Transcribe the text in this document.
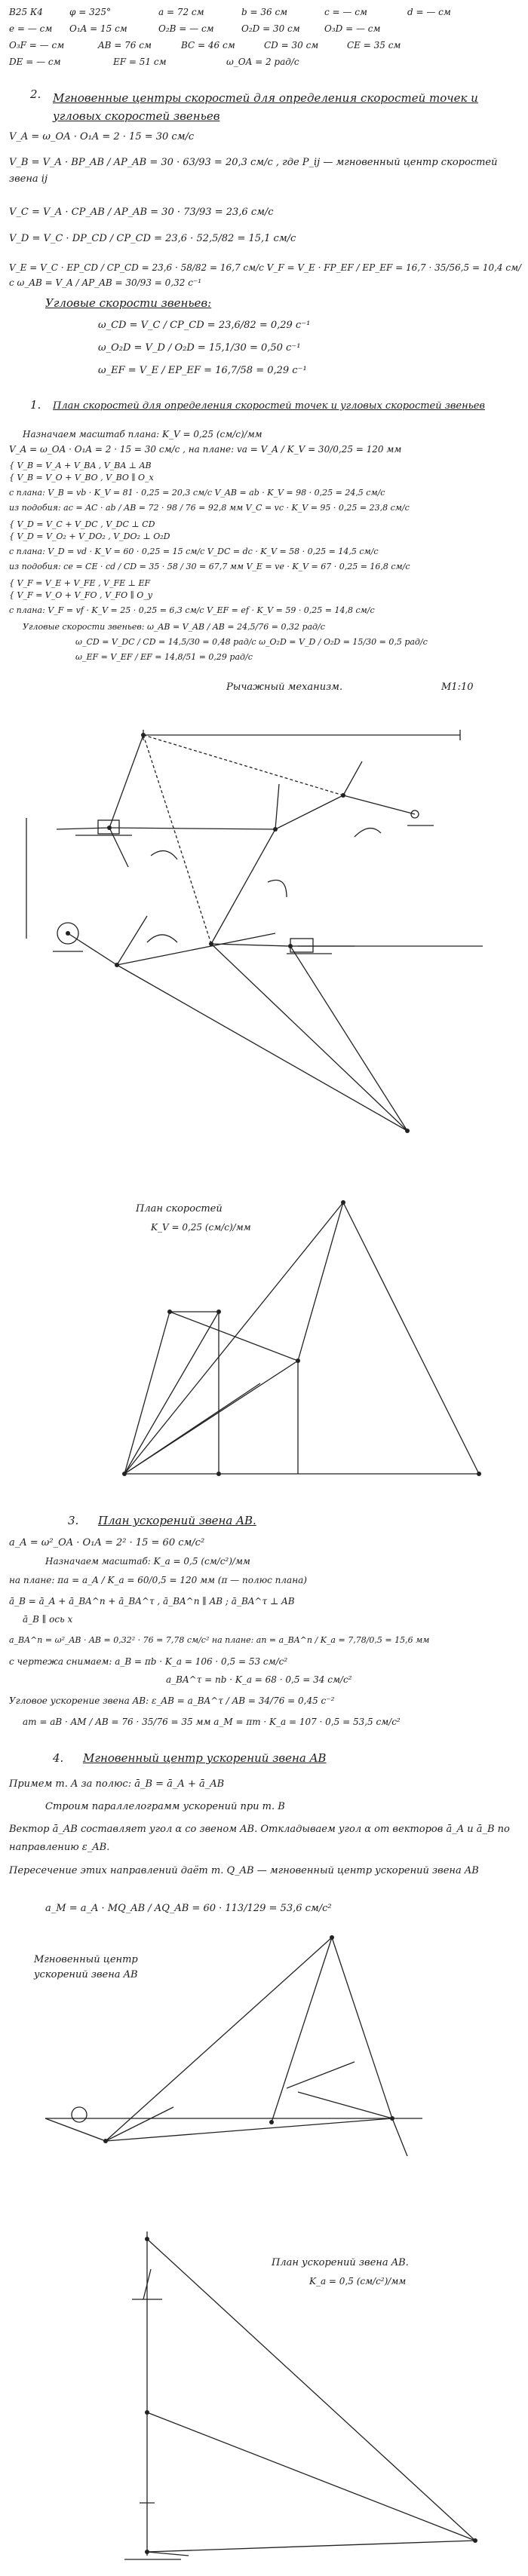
В25 К4	φ = 325°	a = 72 см	b = 36 см	c = — см	d = — см
e = — см O₁A = 15 см	O₂B = — см	O₂D = 30 см	O₃D = — см
O₃F = — см	AB = 76 см	BC = 46 см	CD = 30 см	CE = 35 см
DE = — см	EF = 51 см	ω_OA = 2 рад/с
2. Мгновенные центры скоростей для определения скоростей точек и угловых скоростей звеньев
V_A = ω_OA · O₁A = 2 · 15 = 30 см/с
V_B = V_A · BP_AB / AP_AB = 30 · 63/93 = 20,3 см/с , где P_ij — мгновенный центр скоростей звена ij
V_C = V_A · CP_AB / AP_AB = 30 · 73/93 = 23,6 см/с
V_D = V_C · DP_CD / CP_CD = 23,6 · 52,5/82 = 15,1 см/с
V_E = V_C · EP_CD / CP_CD = 23,6 · 58/82 = 16,7 см/с V_F = V_E · FP_EF / EP_EF = 16,7 · 35/56,5 = 10,4 см/с ω_AB = V_A / AP_AB = 30/93 = 0,32 с⁻¹
Угловые скорости звеньев:
ω_CD = V_C / CP_CD = 23,6/82 = 0,29 с⁻¹
ω_O₂D = V_D / O₂D = 15,1/30 = 0,50 с⁻¹
ω_EF = V_E / EP_EF = 16,7/58 = 0,29 с⁻¹
1. План скоростей для определения скоростей точек и угловых скоростей звеньев
Назначаем масштаб плана: K_V = 0,25 (см/с)/мм
V_A = ω_OA · O₁A = 2 · 15 = 30 см/с , на плане: va = V_A / K_V = 30/0,25 = 120 мм
{ V_B = V_A + V_BA , V_BA ⊥ AB
{ V_B = V_O + V_BO , V_BO ∥ O_x
с плана: V_B = vb · K_V = 81 · 0,25 = 20,3 см/с V_AB = ab · K_V = 98 · 0,25 = 24,5 см/с
из подобия: ac = AC · ab / AB = 72 · 98 / 76 = 92,8 мм V_C = vc · K_V = 95 · 0,25 = 23,8 см/с
{ V_D = V_C + V_DC , V_DC ⊥ CD
{ V_D = V_O₂ + V_DO₂ , V_DO₂ ⊥ O₂D
с плана: V_D = vd · K_V = 60 · 0,25 = 15 см/с V_DC = dc · K_V = 58 · 0,25 = 14,5 см/с
из подобия: ce = CE · cd / CD = 35 · 58 / 30 = 67,7 мм V_E = ve · K_V = 67 · 0,25 = 16,8 см/с
{ V_F = V_E + V_FE , V_FE ⊥ EF
{ V_F = V_O + V_FO , V_FO ∥ O_y
с плана: V_F = vf · K_V = 25 · 0,25 = 6,3 см/с V_EF = ef · K_V = 59 · 0,25 = 14,8 см/с
Угловые скорости звеньев: ω_AB = V_AB / AB = 24,5/76 = 0,32 рад/с
ω_CD = V_DC / CD = 14,5/30 = 0,48 рад/с ω_O₂D = V_D / O₂D = 15/30 = 0,5 рад/с
ω_EF = V_EF / EF = 14,8/51 = 0,29 рад/с
Рычажный механизм.	M1:10
План скоростей
K_V = 0,25 (см/с)/мм
3. План ускорений звена AB.
a_A = ω²_OA · O₁A = 2² · 15 = 60 см/с²
Назначаем масштаб: K_a = 0,5 (см/с²)/мм
на плане: πa = a_A / K_a = 60/0,5 = 120 мм (π — полюс плана)
ā_B = ā_A + ā_BA^n + ā_BA^τ , ā_BA^n ∥ AB ; ā_BA^τ ⊥ AB
ā_B ∥ ось x
a_BA^n = ω²_AB · AB = 0,32² · 76 = 7,78 см/с² на плане: an = a_BA^n / K_a = 7,78/0,5 = 15,6 мм
с чертежа снимаем: a_B = πb · K_a = 106 · 0,5 = 53 см/с²
a_BA^τ = nb · K_a = 68 · 0,5 = 34 см/с²
Угловое ускорение звена AB: ε_AB = a_BA^τ / AB = 34/76 = 0,45 с⁻²
am = aB · AM / AB = 76 · 35/76 = 35 мм a_M = πm · K_a = 107 · 0,5 = 53,5 см/с²
4. Мгновенный центр ускорений звена AB
Примем т. A за полюс: ā_B = ā_A + ā_AB
Строим параллелограмм ускорений при т. B
Вектор ā_AB составляет угол α со звеном AB. Откладываем угол α от векторов ā_A и ā_B по направлению ε_AB.
Пересечение этих направлений даёт т. Q_AB — мгновенный центр ускорений звена AB
a_M = a_A · MQ_AB / AQ_AB = 60 · 113/129 = 53,6 см/с²
Мгновенный центр ускорений звена AB
План ускорений звена AB.
K_a = 0,5 (см/с²)/мм
